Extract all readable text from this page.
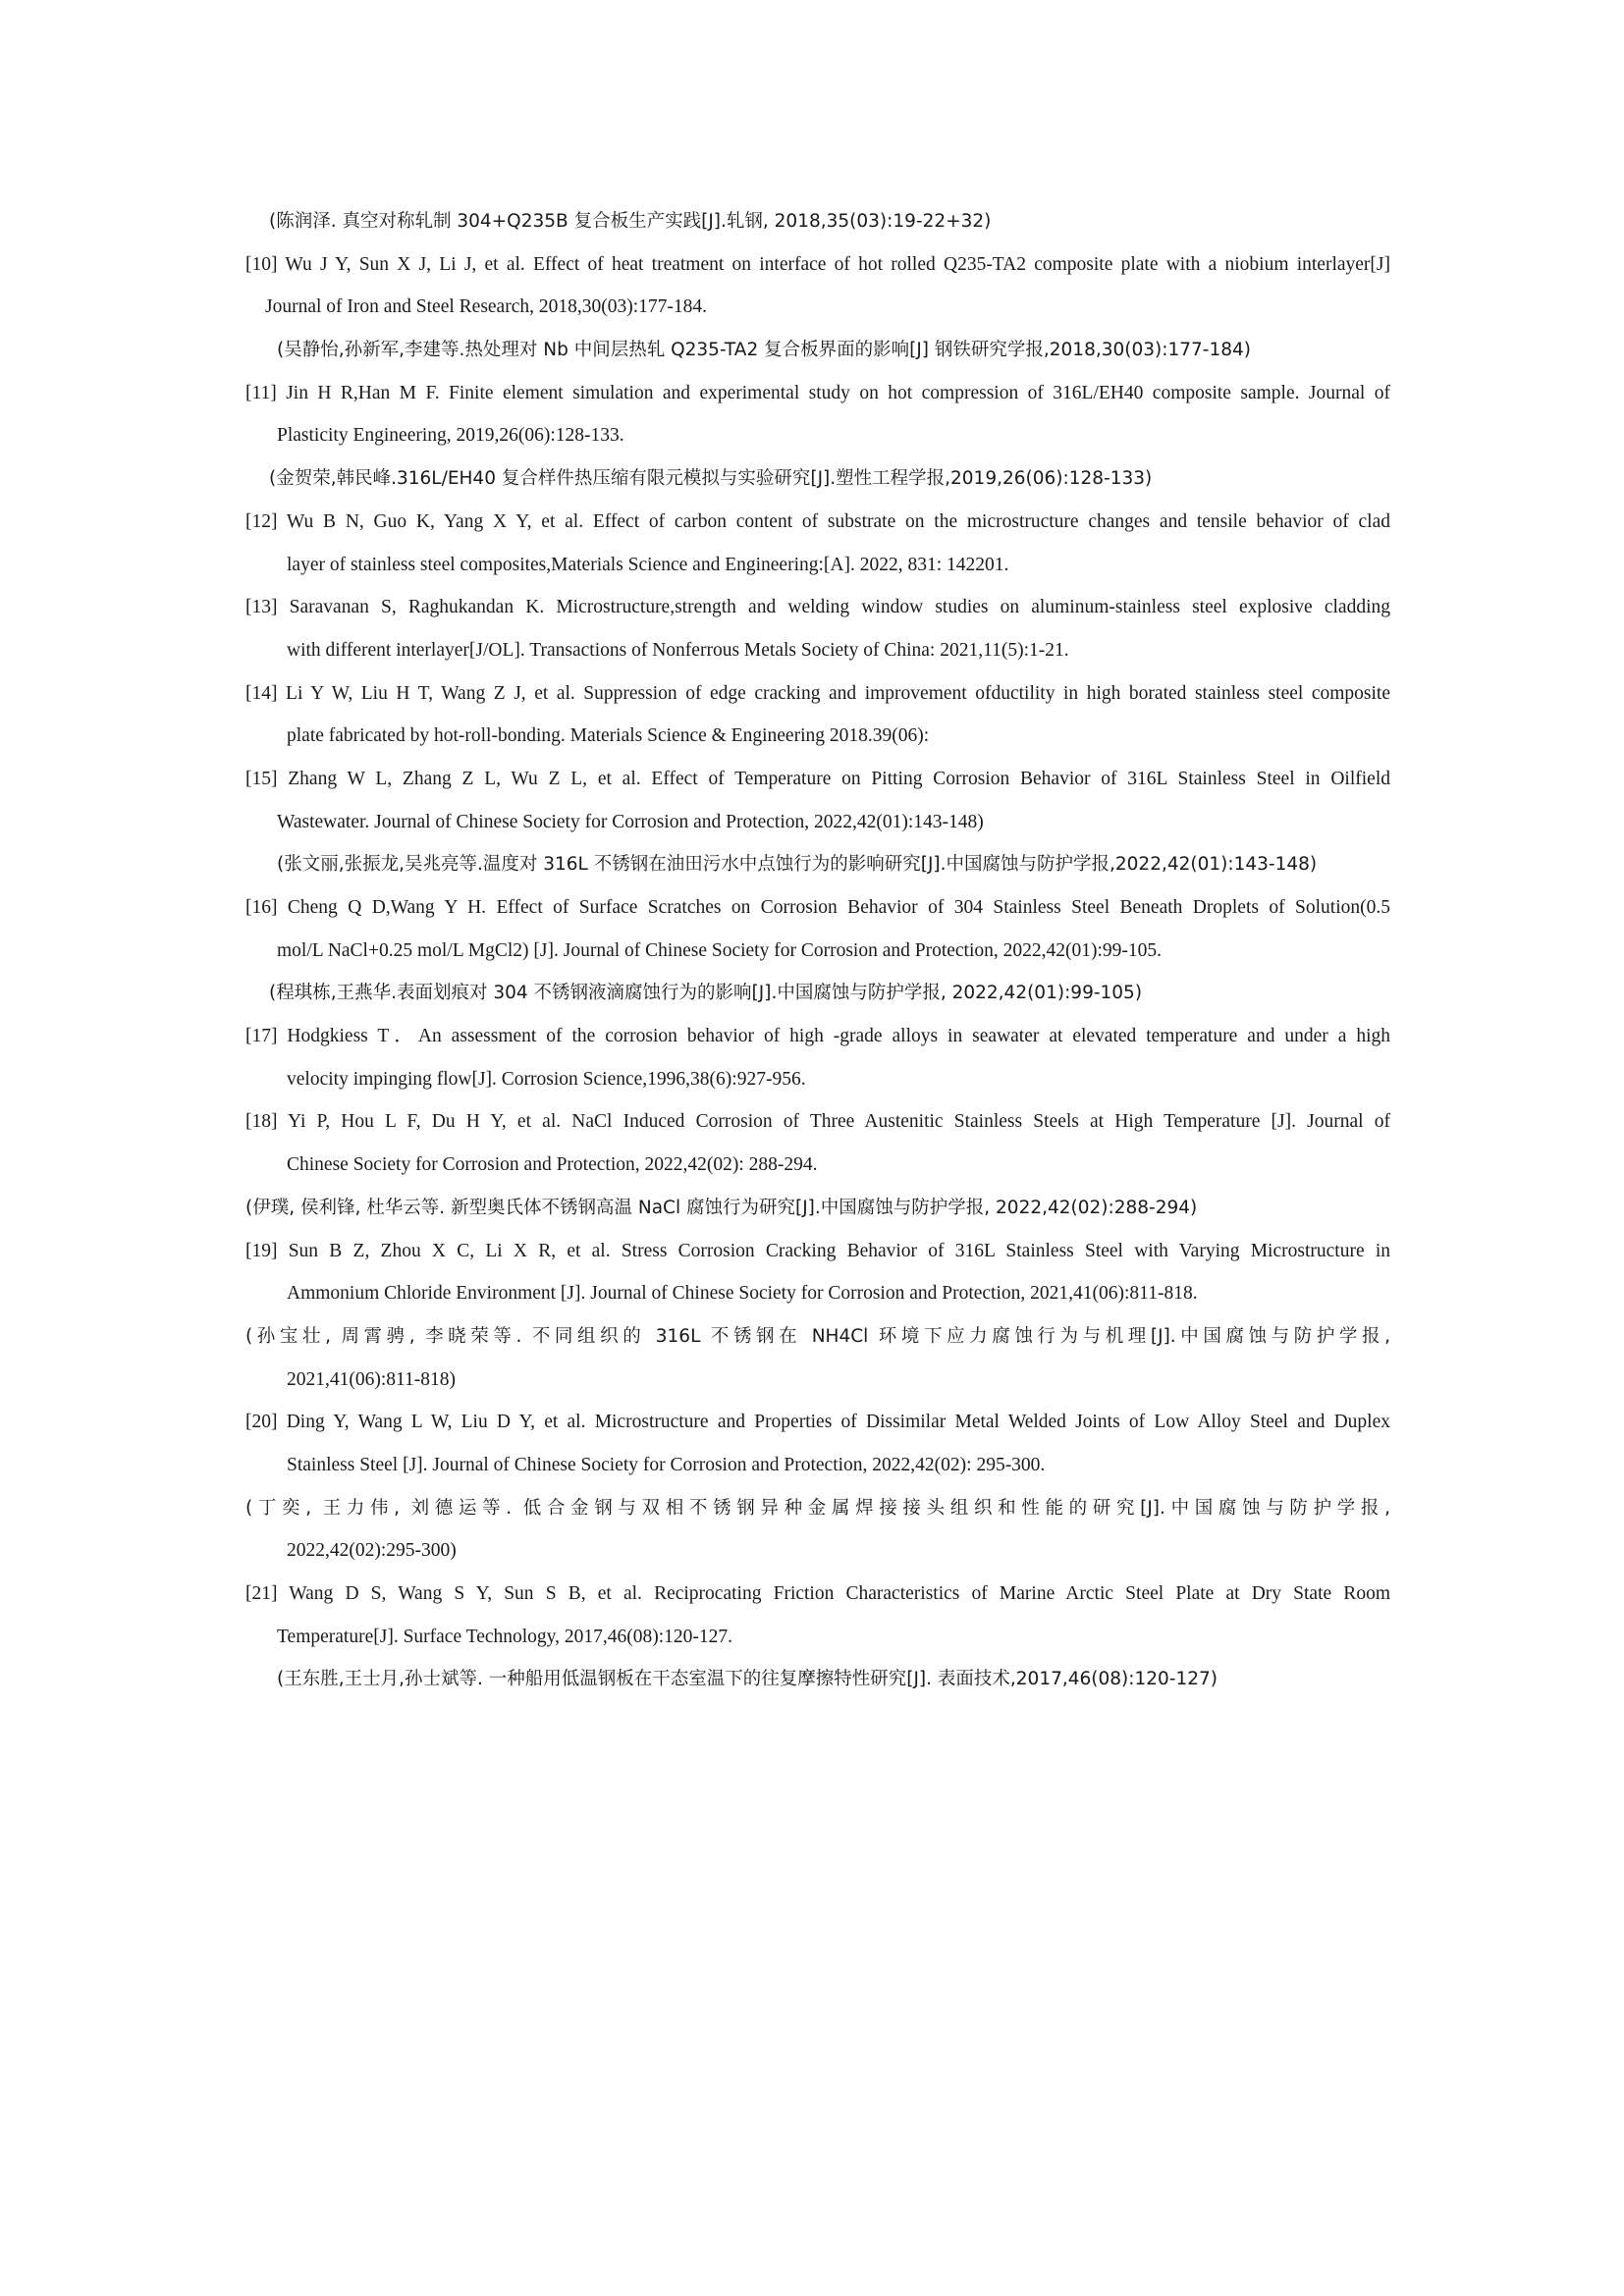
(陈润泽. 真空对称轧制 304+Q235B 复合板生产实践[J].轧钢, 2018,35(03):19-22+32)
[10] Wu J Y, Sun X J, Li J, et al. Effect of heat treatment on interface of hot rolled Q235-TA2 composite plate with a niobium interlayer[J]
Journal of Iron and Steel Research, 2018,30(03):177-184.
(吴静怡,孙新军,李建等.热处理对 Nb 中间层热轧 Q235-TA2 复合板界面的影响[J] 钢铁研究学报,2018,30(03):177-184)
[11] Jin H R,Han M F. Finite element simulation and experimental study on hot compression of 316L/EH40 composite sample. Journal of
Plasticity Engineering, 2019,26(06):128-133.
(金贺荣,韩民峰.316L/EH40 复合样件热压缩有限元模拟与实验研究[J].塑性工程学报,2019,26(06):128-133)
[12] Wu B N, Guo K, Yang X Y, et al. Effect of carbon content of substrate on the microstructure changes and tensile behavior of clad
layer of stainless steel composites,Materials Science and Engineering:[A]. 2022, 831: 142201.
[13] Saravanan S, Raghukandan K. Microstructure,strength and welding window studies on aluminum-stainless steel explosive cladding
with different interlayer[J/OL]. Transactions of Nonferrous Metals Society of China: 2021,11(5):1-21.
[14] Li Y W, Liu H T, Wang Z J, et al. Suppression of edge cracking and improvement ofductility in high borated stainless steel composite
plate fabricated by hot-roll-bonding. Materials Science & Engineering 2018.39(06):
[15] Zhang W L, Zhang Z L, Wu Z L, et al. Effect of Temperature on Pitting Corrosion Behavior of 316L Stainless Steel in Oilfield
Wastewater. Journal of Chinese Society for Corrosion and Protection, 2022,42(01):143-148)
(张文丽,张振龙,吴兆亮等.温度对 316L 不锈钢在油田污水中点蚀行为的影响研究[J].中国腐蚀与防护学报,2022,42(01):143-148)
[16] Cheng Q D,Wang Y H. Effect of Surface Scratches on Corrosion Behavior of 304 Stainless Steel Beneath Droplets of Solution(0.5
mol/L NaCl+0.25 mol/L MgCl2) [J]. Journal of Chinese Society for Corrosion and Protection, 2022,42(01):99-105.
(程琪栋,王燕华.表面划痕对 304 不锈钢液滴腐蚀行为的影响[J].中国腐蚀与防护学报, 2022,42(01):99-105)
[17] Hodgkiess T．An assessment of the corrosion behavior of high -grade alloys in seawater at elevated temperature and under a high
velocity impinging flow[J]. Corrosion Science,1996,38(6):927-956.
[18] Yi P, Hou L F, Du H Y, et al. NaCl Induced Corrosion of Three Austenitic Stainless Steels at High Temperature [J]. Journal of
Chinese Society for Corrosion and Protection, 2022,42(02): 288-294.
(伊璞, 侯利锋, 杜华云等. 新型奥氏体不锈钢高温 NaCl 腐蚀行为研究[J].中国腐蚀与防护学报, 2022,42(02):288-294)
[19] Sun B Z, Zhou X C, Li X R, et al. Stress Corrosion Cracking Behavior of 316L Stainless Steel with Varying Microstructure in
Ammonium Chloride Environment [J]. Journal of Chinese Society for Corrosion and Protection, 2021,41(06):811-818.
(孙宝壮, 周霄骋, 李晓荣等. 不同组织的 316L 不锈钢在 NH4Cl 环境下应力腐蚀行为与机理[J].中国腐蚀与防护学报,
2021,41(06):811-818)
[20] Ding Y, Wang L W, Liu D Y, et al. Microstructure and Properties of Dissimilar Metal Welded Joints of Low Alloy Steel and Duplex
Stainless Steel [J]. Journal of Chinese Society for Corrosion and Protection, 2022,42(02): 295-300.
(丁奕, 王力伟, 刘德运等. 低合金钢与双相不锈钢异种金属焊接接头组织和性能的研究[J].中国腐蚀与防护学报,
2022,42(02):295-300)
[21] Wang D S, Wang S Y, Sun S B, et al. Reciprocating Friction Characteristics of Marine Arctic Steel Plate at Dry State Room
Temperature[J]. Surface Technology, 2017,46(08):120-127.
(王东胜,王士月,孙士斌等. 一种船用低温钢板在干态室温下的往复摩擦特性研究[J]. 表面技术,2017,46(08):120-127)
